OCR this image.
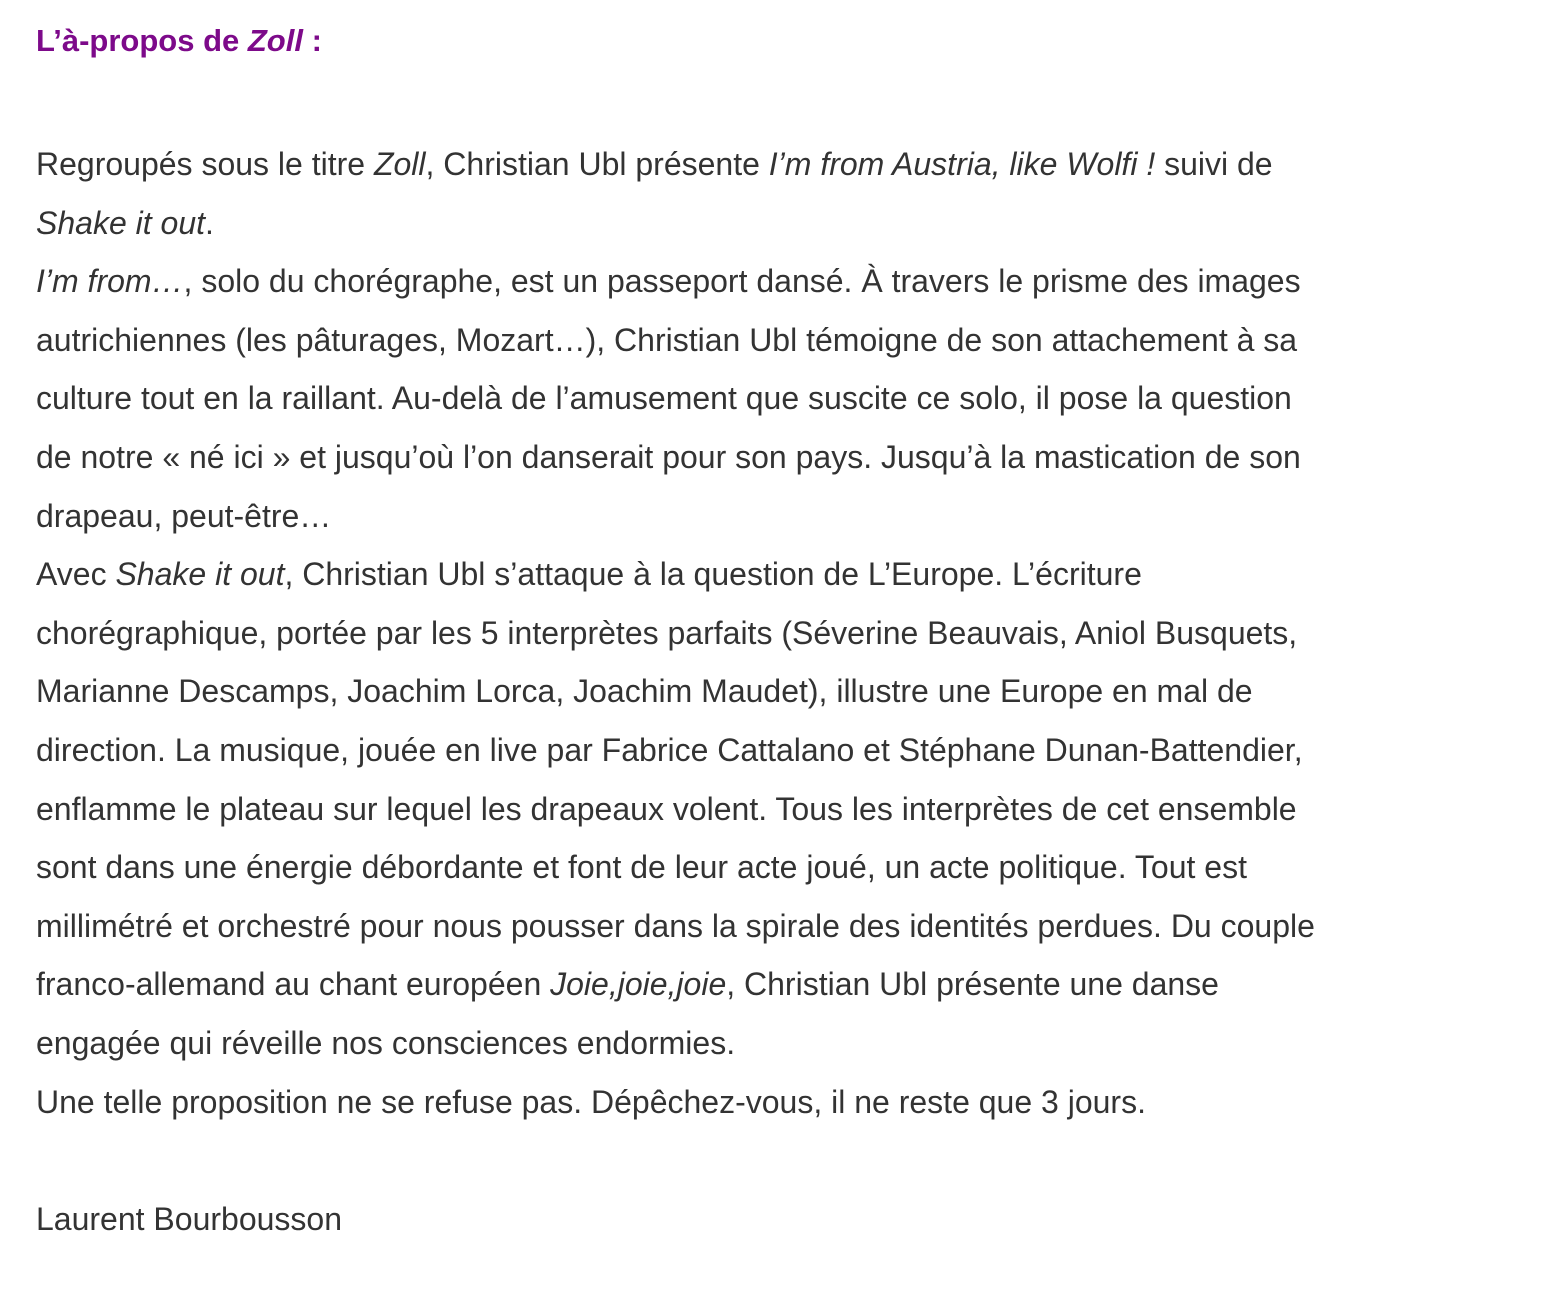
L’à-propos de Zoll :

Regroupés sous le titre Zoll, Christian Ubl présente I’m from Austria, like Wolfi ! suivi de
Shake it out.
I’m from…, solo du chorégraphe, est un passeport dansé. À travers le prisme des images
autrichiennes (les pâturages, Mozart…), Christian Ubl témoigne de son attachement à sa
culture tout en la raillant. Au-delà de l’amusement que suscite ce solo, il pose la question
de notre « né ici » et jusqu’où l’on danserait pour son pays. Jusqu’à la mastication de son
drapeau, peut-être…
Avec Shake it out, Christian Ubl s’attaque à la question de L’Europe. L’écriture
chorégraphique, portée par les 5 interprètes parfaits (Séverine Beauvais, Aniol Busquets,
Marianne Descamps, Joachim Lorca, Joachim Maudet), illustre une Europe en mal de
direction. La musique, jouée en live par Fabrice Cattalano et Stéphane Dunan-Battendier,
enflamme le plateau sur lequel les drapeaux volent. Tous les interprètes de cet ensemble
sont dans une énergie débordante et font de leur acte joué, un acte politique. Tout est
millimétré et orchestré pour nous pousser dans la spirale des identités perdues. Du couple
franco-allemand au chant européen Joie,joie,joie, Christian Ubl présente une danse
engagée qui réveille nos consciences endormies.
Une telle proposition ne se refuse pas. Dépêchez-vous, il ne reste que 3 jours.

Laurent Bourbousson
